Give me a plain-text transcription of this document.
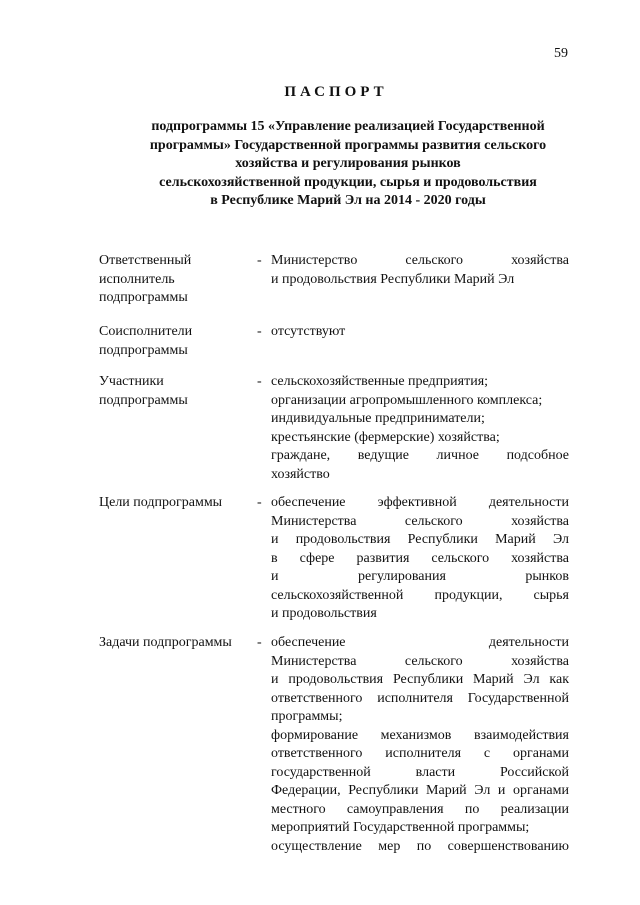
59
ПАСПОРТ
подпрограммы 15 «Управление реализацией Государственной
программы» Государственной программы развития сельского
хозяйства и регулирования рынков
сельскохозяйственной продукции, сырья и продовольствия
в Республике Марий Эл на 2014 - 2020 годы
Ответственный
исполнитель
подпрограммы
- Министерство сельского хозяйства
и продовольствия Республики Марий Эл
Соисполнители
подпрограммы
- отсутствуют
Участники
подпрограммы
- сельскохозяйственные предприятия;
организации агропромышленного комплекса;
индивидуальные предприниматели;
крестьянские (фермерские) хозяйства;
граждане, ведущие личное подсобное
хозяйство
Цели подпрограммы - обеспечение эффективной деятельности
Министерства сельского хозяйства
и продовольствия Республики Марий Эл
в сфере развития сельского хозяйства
и регулирования рынков
сельскохозяйственной продукции, сырья
и продовольствия
Задачи подпрограммы - обеспечение деятельности
Министерства сельского хозяйства
и продовольствия Республики Марий Эл как
ответственного исполнителя Государственной
программы;
формирование механизмов взаимодействия
ответственного исполнителя с органами
государственной власти Российской
Федерации, Республики Марий Эл и органами
местного самоуправления по реализации
мероприятий Государственной программы;
осуществление мер по совершенствованию
